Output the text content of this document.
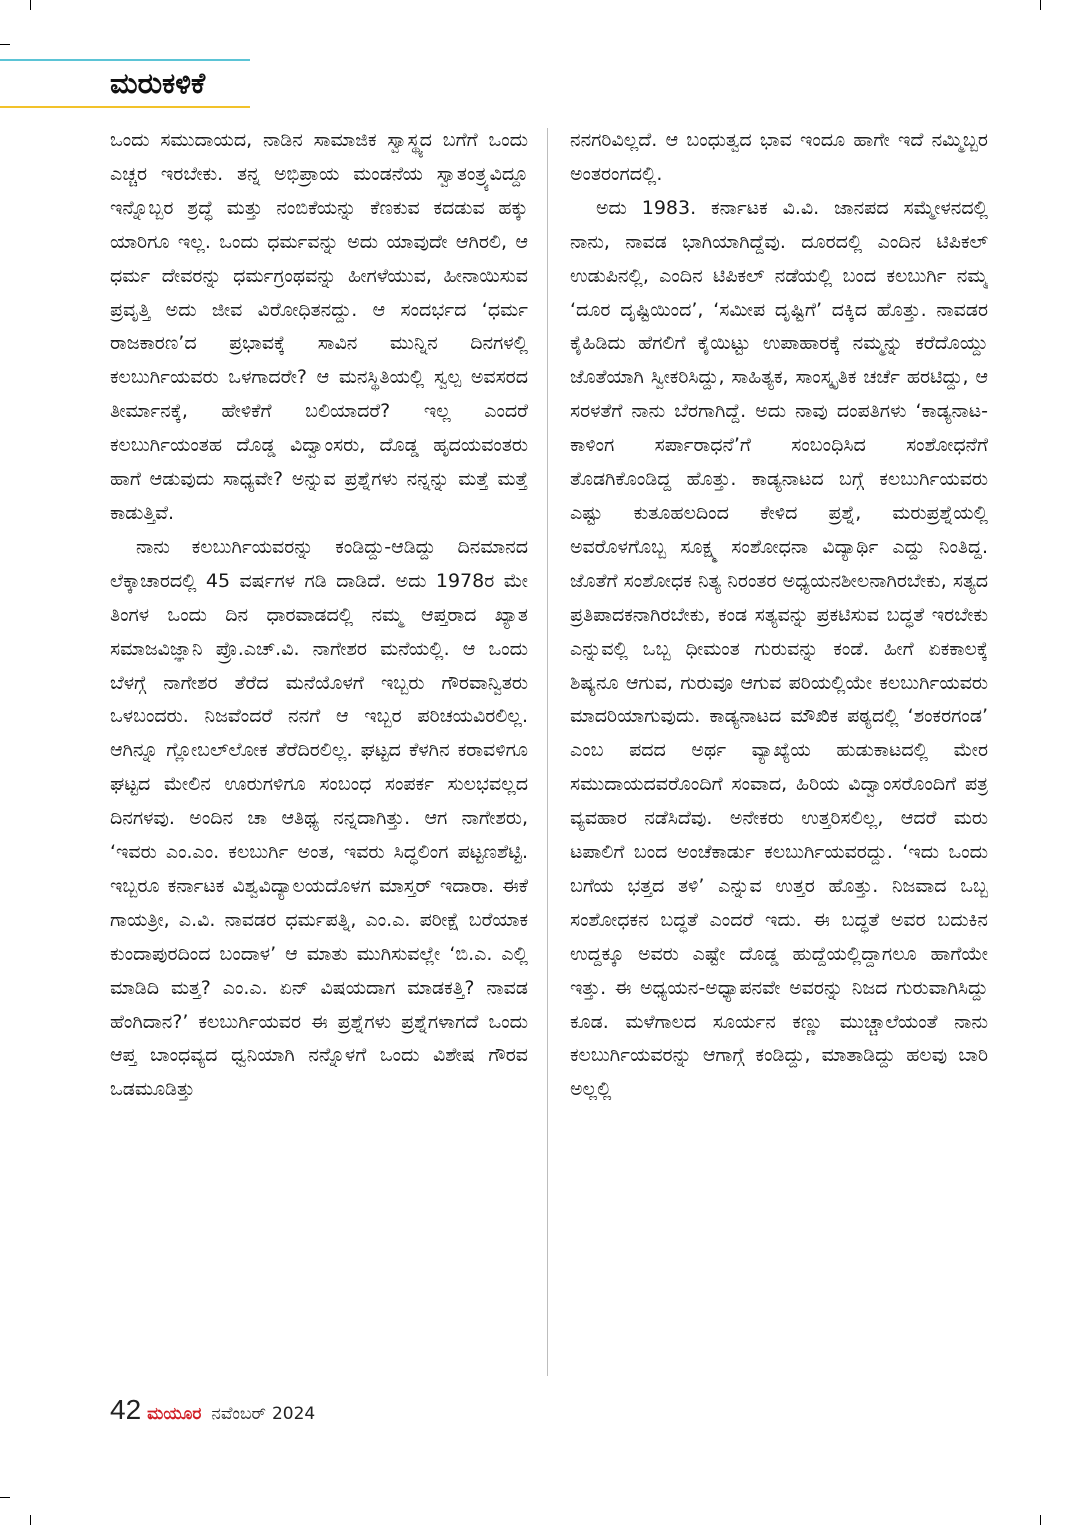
ಮರುಕಳಿಕೆ

ಒಂದು ಸಮುದಾಯದ, ನಾಡಿನ ಸಾಮಾಜಿಕ ಸ್ವಾಸ್ಥ್ಯದ ಬಗೆಗೆ ಒಂದು ಎಚ್ಚರ ಇರಬೇಕು. ತನ್ನ ಅಭಿಪ್ರಾಯ ಮಂಡನೆಯ ಸ್ವಾತಂತ್ರ್ಯವಿದ್ದೂ ಇನ್ನೊಬ್ಬರ ಶ್ರದ್ಧೆ ಮತ್ತು ನಂಬಿಕೆಯನ್ನು ಕೆಣಕುವ ಕದಡುವ ಹಕ್ಕು ಯಾರಿಗೂ ಇಲ್ಲ. ಒಂದು ಧರ್ಮವನ್ನು ಅದು ಯಾವುದೇ ಆಗಿರಲಿ, ಆ ಧರ್ಮ ದೇವರನ್ನು ಧರ್ಮಗ್ರಂಥವನ್ನು ಹೀಗಳೆಯುವ, ಹೀನಾಯಿಸುವ ಪ್ರವೃತ್ತಿ ಅದು ಜೀವ ವಿರೋಧಿತನದ್ದು. ಆ ಸಂದರ್ಭದ ‘ಧರ್ಮ ರಾಜಕಾರಣ’ದ ಪ್ರಭಾವಕ್ಕೆ ಸಾವಿನ ಮುನ್ನಿನ ದಿನಗಳಲ್ಲಿ ಕಲಬುರ್ಗಿಯವರು ಒಳಗಾದರೇ? ಆ ಮನಸ್ಥಿತಿಯಲ್ಲಿ ಸ್ವಲ್ಪ ಅವಸರದ ತೀರ್ಮಾನಕ್ಕೆ, ಹೇಳಿಕೆಗೆ ಬಲಿಯಾದರೆ? ಇಲ್ಲ ಎಂದರೆ ಕಲಬುರ್ಗಿಯಂತಹ ದೊಡ್ಡ ವಿದ್ವಾಂಸರು, ದೊಡ್ಡ ಹೃದಯವಂತರು ಹಾಗೆ ಆಡುವುದು ಸಾಧ್ಯವೇ? ಅನ್ನುವ ಪ್ರಶ್ನೆಗಳು ನನ್ನನ್ನು ಮತ್ತೆ ಮತ್ತೆ ಕಾಡುತ್ತಿವೆ.

ನಾನು ಕಲಬುರ್ಗಿಯವರನ್ನು ಕಂಡಿದ್ದು-ಆಡಿದ್ದು ದಿನಮಾನದ ಲೆಕ್ಕಾಚಾರದಲ್ಲಿ 45 ವರ್ಷಗಳ ಗಡಿ ದಾಡಿದೆ. ಅದು 1978ರ ಮೇ ತಿಂಗಳ ಒಂದು ದಿನ ಧಾರವಾಡದಲ್ಲಿ ನಮ್ಮ ಆಪ್ತರಾದ ಖ್ಯಾತ ಸಮಾಜವಿಜ್ಞಾನಿ ಪ್ರೊ.ಎಚ್.ವಿ. ನಾಗೇಶರ ಮನೆಯಲ್ಲಿ. ಆ ಒಂದು ಬೆಳಗ್ಗೆ ನಾಗೇಶರ ತೆರೆದ ಮನೆಯೊಳಗೆ ಇಬ್ಬರು ಗೌರವಾನ್ವಿತರು ಒಳಬಂದರು. ನಿಜವೆಂದರೆ ನನಗೆ ಆ ಇಬ್ಬರ ಪರಿಚಯವಿರಲಿಲ್ಲ. ಆಗಿನ್ನೂ ಗ್ಲೋಬಲ್‌ಲೋಕ ತೆರೆದಿರಲಿಲ್ಲ. ಘಟ್ಟದ ಕೆಳಗಿನ ಕರಾವಳಿಗೂ ಘಟ್ಟದ ಮೇಲಿನ ಊರುಗಳಿಗೂ ಸಂಬಂಧ ಸಂಪರ್ಕ ಸುಲಭವಲ್ಲದ ದಿನಗಳವು. ಅಂದಿನ ಚಾ ಆತಿಥ್ಯ ನನ್ನದಾಗಿತ್ತು. ಆಗ ನಾಗೇಶರು, ‘ಇವರು ಎಂ.ಎಂ. ಕಲಬುರ್ಗಿ ಅಂತ, ಇವರು ಸಿದ್ಧಲಿಂಗ ಪಟ್ಟಣಶೆಟ್ಟಿ. ಇಬ್ಬರೂ ಕರ್ನಾಟಕ ವಿಶ್ವವಿದ್ಯಾಲಯದೊಳಗ ಮಾಸ್ತರ್ ಇದಾರಾ. ಈಕೆ ಗಾಯತ್ರೀ, ಎ.ವಿ. ನಾವಡರ ಧರ್ಮಪತ್ನಿ, ಎಂ.ಎ. ಪರೀಕ್ಷೆ ಬರೆಯಾಕ ಕುಂದಾಪುರದಿಂದ ಬಂದಾಳ’ ಆ ಮಾತು ಮುಗಿಸುವಲ್ಲೇ ‘ಬಿ.ಎ. ಎಲ್ಲಿ ಮಾಡಿದಿ ಮತ್ತ? ಎಂ.ಎ. ಏನ್ ವಿಷಯದಾಗ ಮಾಡಕತ್ತಿ? ನಾವಡ ಹೆಂಗಿದಾನ?’ ಕಲಬುರ್ಗಿಯವರ ಈ ಪ್ರಶ್ನೆಗಳು ಪ್ರಶ್ನೆಗಳಾಗದೆ ಒಂದು ಆಪ್ತ ಬಾಂಧವ್ಯದ ಧ್ವನಿಯಾಗಿ ನನ್ನೊಳಗೆ ಒಂದು ವಿಶೇಷ ಗೌರವ ಒಡಮೂಡಿತ್ತು

ನನಗರಿವಿಲ್ಲದೆ. ಆ ಬಂಧುತ್ವದ ಭಾವ ಇಂದೂ ಹಾಗೇ ಇದೆ ನಮ್ಮಿಬ್ಬರ ಅಂತರಂಗದಲ್ಲಿ.

ಅದು 1983. ಕರ್ನಾಟಕ ವಿ.ವಿ. ಜಾನಪದ ಸಮ್ಮೇಳನದಲ್ಲಿ ನಾನು, ನಾವಡ ಭಾಗಿಯಾಗಿದ್ದೆವು. ದೂರದಲ್ಲಿ ಎಂದಿನ ಟಿಪಿಕಲ್ ಉಡುಪಿನಲ್ಲಿ, ಎಂದಿನ ಟಿಪಿಕಲ್ ನಡೆಯಲ್ಲಿ ಬಂದ ಕಲಬುರ್ಗಿ ನಮ್ಮ ‘ದೂರ ದೃಷ್ಟಿಯಿಂದ’, ‘ಸಮೀಪ ದೃಷ್ಟಿಗೆ’ ದಕ್ಕಿದ ಹೊತ್ತು. ನಾವಡರ ಕೈಹಿಡಿದು ಹೆಗಲಿಗೆ ಕೈಯಿಟ್ಟು ಉಪಾಹಾರಕ್ಕೆ ನಮ್ಮನ್ನು ಕರೆದೊಯ್ದು ಜೊತೆಯಾಗಿ ಸ್ವೀಕರಿಸಿದ್ದು, ಸಾಹಿತ್ಯಕ, ಸಾಂಸ್ಕೃತಿಕ ಚರ್ಚೆ ಹರಟಿದ್ದು, ಆ ಸರಳತೆಗೆ ನಾನು ಬೆರಗಾಗಿದ್ದೆ. ಅದು ನಾವು ದಂಪತಿಗಳು ‘ಕಾಡ್ಯನಾಟ-ಕಾಳಿಂಗ ಸರ್ಪಾರಾಧನೆ’ಗೆ ಸಂಬಂಧಿಸಿದ ಸಂಶೋಧನೆಗೆ ತೊಡಗಿಕೊಂಡಿದ್ದ ಹೊತ್ತು. ಕಾಡ್ಯನಾಟದ ಬಗ್ಗೆ ಕಲಬುರ್ಗಿಯವರು ಎಷ್ಟು ಕುತೂಹಲದಿಂದ ಕೇಳಿದ ಪ್ರಶ್ನೆ, ಮರುಪ್ರಶ್ನೆಯಲ್ಲಿ ಅವರೊಳಗೊಬ್ಬ ಸೂಕ್ಷ್ಮ ಸಂಶೋಧನಾ ವಿದ್ಯಾರ್ಥಿ ಎದ್ದು ನಿಂತಿದ್ದ. ಜೊತೆಗೆ ಸಂಶೋಧಕ ನಿತ್ಯ ನಿರಂತರ ಅಧ್ಯಯನಶೀಲನಾಗಿರಬೇಕು, ಸತ್ಯದ ಪ್ರತಿಪಾದಕನಾಗಿರಬೇಕು, ಕಂಡ ಸತ್ಯವನ್ನು ಪ್ರಕಟಿಸುವ ಬದ್ಧತೆ ಇರಬೇಕು ಎನ್ನುವಲ್ಲಿ ಒಬ್ಬ ಧೀಮಂತ ಗುರುವನ್ನು ಕಂಡೆ. ಹೀಗೆ ಏಕಕಾಲಕ್ಕೆ ಶಿಷ್ಯನೂ ಆಗುವ, ಗುರುವೂ ಆಗುವ ಪರಿಯಲ್ಲಿಯೇ ಕಲಬುರ್ಗಿಯವರು ಮಾದರಿಯಾಗುವುದು. ಕಾಡ್ಯನಾಟದ ಮೌಖಿಕ ಪಠ್ಯದಲ್ಲಿ ‘ಶಂಕರಗಂಡ’ ಎಂಬ ಪದದ ಅರ್ಥ ವ್ಯಾಖ್ಯೆಯ ಹುಡುಕಾಟದಲ್ಲಿ ಮೇರ ಸಮುದಾಯದವರೊಂದಿಗೆ ಸಂವಾದ, ಹಿರಿಯ ವಿದ್ವಾಂಸರೊಂದಿಗೆ ಪತ್ರ ವ್ಯವಹಾರ ನಡೆಸಿದೆವು. ಅನೇಕರು ಉತ್ತರಿಸಲಿಲ್ಲ, ಆದರೆ ಮರು ಟಪಾಲಿಗೆ ಬಂದ ಅಂಚೆಕಾರ್ಡು ಕಲಬುರ್ಗಿಯವರದ್ದು. ‘ಇದು ಒಂದು ಬಗೆಯ ಭತ್ತದ ತಳಿ’ ಎನ್ನುವ ಉತ್ತರ ಹೊತ್ತು. ನಿಜವಾದ ಒಬ್ಬ ಸಂಶೋಧಕನ ಬದ್ಧತೆ ಎಂದರೆ ಇದು. ಈ ಬದ್ಧತೆ ಅವರ ಬದುಕಿನ ಉದ್ದಕ್ಕೂ ಅವರು ಎಷ್ಟೇ ದೊಡ್ಡ ಹುದ್ದೆಯಲ್ಲಿದ್ದಾಗಲೂ ಹಾಗೆಯೇ ಇತ್ತು. ಈ ಅಧ್ಯಯನ-ಅಧ್ಯಾಪನವೇ ಅವರನ್ನು ನಿಜದ ಗುರುವಾಗಿಸಿದ್ದು ಕೂಡ. ಮಳೆಗಾಲದ ಸೂರ್ಯನ ಕಣ್ಣು ಮುಚ್ಚಾಲೆಯಂತೆ ನಾನು ಕಲಬುರ್ಗಿಯವರನ್ನು ಆಗಾಗ್ಗೆ ಕಂಡಿದ್ದು, ಮಾತಾಡಿದ್ದು ಹಲವು ಬಾರಿ ಅಲ್ಲಲ್ಲಿ

42 ಮಯೂರ ನವೆಂಬರ್ 2024
